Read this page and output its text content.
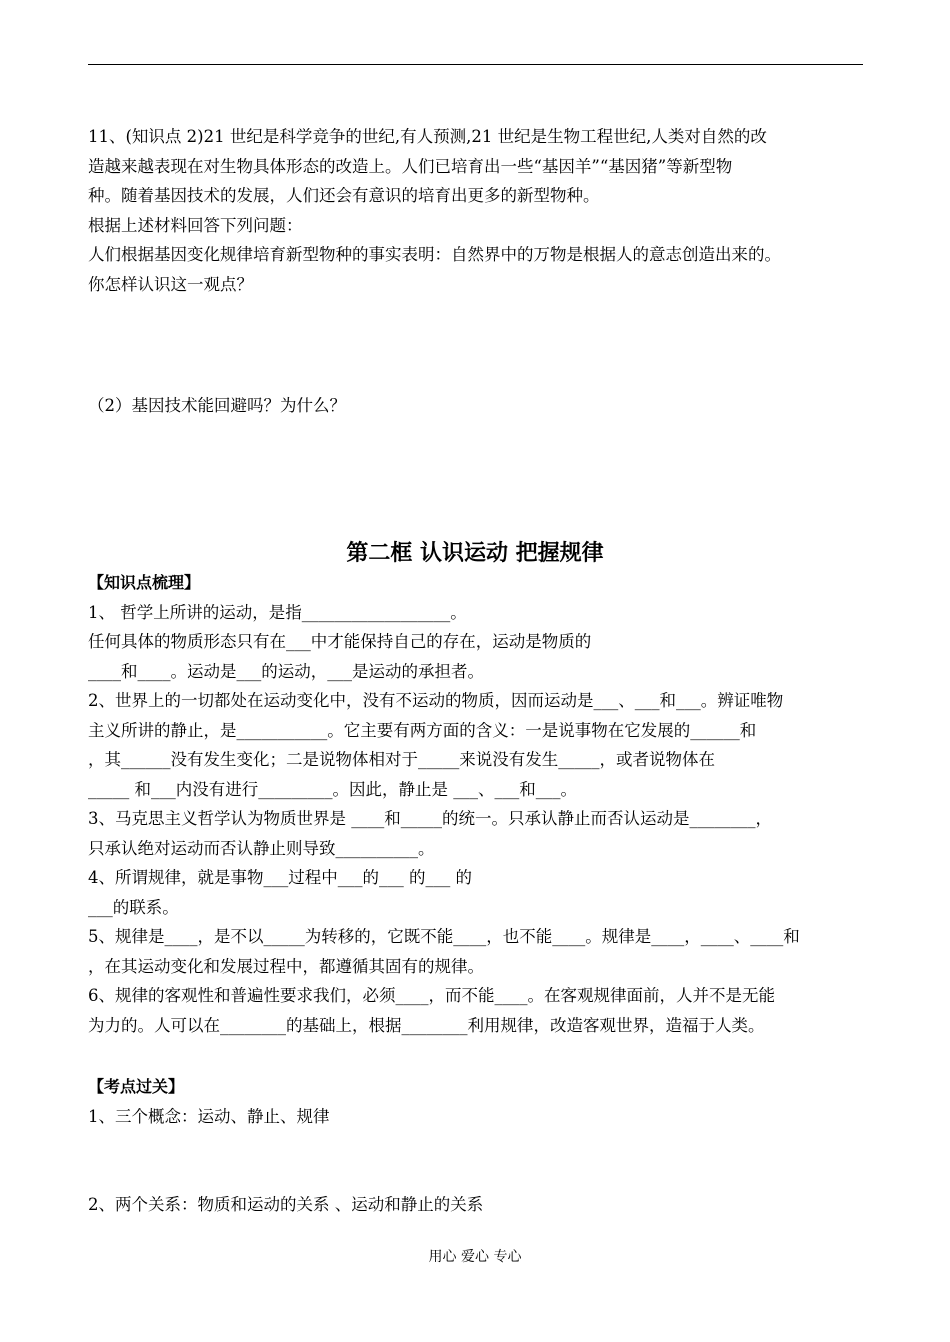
11、(知识点 2)21 世纪是科学竞争的世纪,有人预测,21 世纪是生物工程世纪,人类对自然的改

造越来越表现在对生物具体形态的改造上。人们已培育出一些“基因羊”“基因猪”等新型物

种。随着基因技术的发展，人们还会有意识的培育出更多的新型物种。

根据上述材料回答下列问题：

人们根据基因变化规律培育新型物种的事实表明：自然界中的万物是根据人的意志创造出来的。

你怎样认识这一观点？

（2）基因技术能回避吗？为什么？

第二框 认识运动 把握规律

【知识点梳理】

1、 哲学上所讲的运动，是指__________________。

任何具体的物质形态只有在___中才能保持自己的存在，运动是物质的

____和____。运动是___的运动，___是运动的承担者。

2、世界上的一切都处在运动变化中，没有不运动的物质，因而运动是___、___和___。辨证唯物

主义所讲的静止，是___________。它主要有两方面的含义：一是说事物在它发展的______和

，其______没有发生变化；二是说物体相对于_____来说没有发生_____，或者说物体在

_____ 和___内没有进行_________。因此，静止是 ___、___和___。

3、马克思主义哲学认为物质世界是 ____和_____的统一。只承认静止而否认运动是________，

只承认绝对运动而否认静止则导致__________。

4、所谓规律，就是事物___过程中___的___ 的___ 的

___的联系。

5、规律是____，是不以_____为转移的，它既不能____，也不能____。规律是____，____、____和

，在其运动变化和发展过程中，都遵循其固有的规律。

6、规律的客观性和普遍性要求我们，必须____，而不能____。在客观规律面前，人并不是无能

为力的。人可以在________的基础上，根据________利用规律，改造客观世界，造福于人类。

【考点过关】

1、三个概念：运动、静止、规律

2、两个关系：物质和运动的关系 、运动和静止的关系

用心 爱心 专心
